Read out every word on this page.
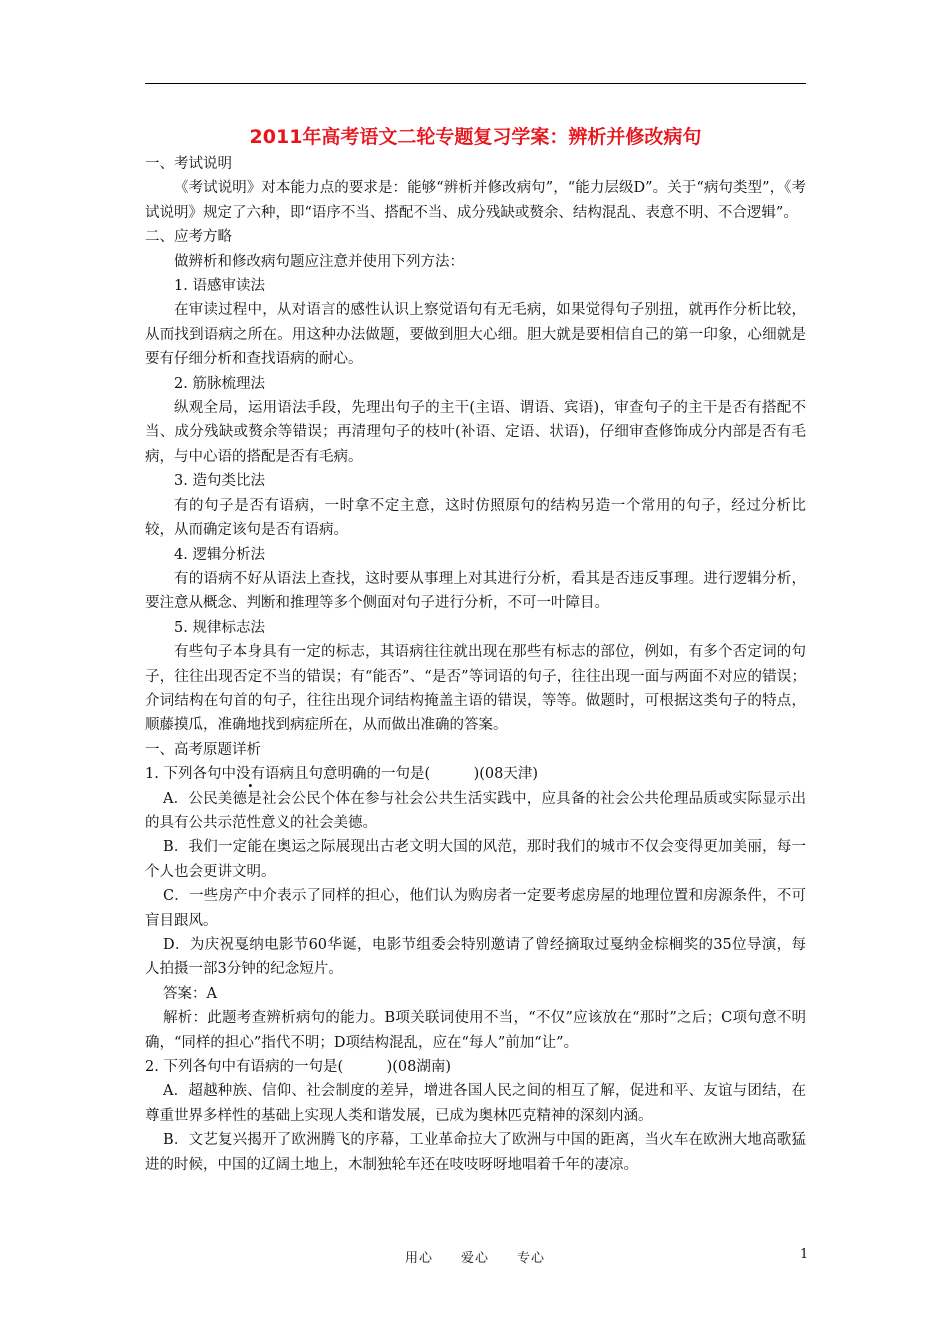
2011年高考语文二轮专题复习学案：辨析并修改病句

一、考试说明

《考试说明》对本能力点的要求是：能够“辨析并修改病句”，“能力层级D”。关于“病句类型”，《考试说明》规定了六种，即“语序不当、搭配不当、成分残缺或赘余、结构混乱、表意不明、不合逻辑”。

二、应考方略

做辨析和修改病句题应注意并使用下列方法：

1. 语感审读法

在审读过程中，从对语言的感性认识上察觉语句有无毛病，如果觉得句子别扭，就再作分析比较，从而找到语病之所在。用这种办法做题，要做到胆大心细。胆大就是要相信自己的第一印象，心细就是要有仔细分析和查找语病的耐心。

2. 筋脉梳理法

纵观全局，运用语法手段，先理出句子的主干(主语、谓语、宾语)，审查句子的主干是否有搭配不当、成分残缺或赘余等错误；再清理句子的枝叶(补语、定语、状语)，仔细审查修饰成分内部是否有毛病，与中心语的搭配是否有毛病。

3. 造句类比法

有的句子是否有语病，一时拿不定主意，这时仿照原句的结构另造一个常用的句子，经过分析比较，从而确定该句是否有语病。

4. 逻辑分析法

有的语病不好从语法上查找，这时要从事理上对其进行分析，看其是否违反事理。进行逻辑分析，要注意从概念、判断和推理等多个侧面对句子进行分析，不可一叶障目。

5. 规律标志法

有些句子本身具有一定的标志，其语病往往就出现在那些有标志的部位，例如，有多个否定词的句子，往往出现否定不当的错误；有“能否”、“是否”等词语的句子，往往出现一面与两面不对应的错误；介词结构在句首的句子，往往出现介词结构掩盖主语的错误，等等。做题时，可根据这类句子的特点，顺藤摸瓜，准确地找到病症所在，从而做出准确的答案。

一、高考原题详析

1. 下列各句中没有语病且句意明确的一句是(　　　)(08天津)

A．公民美德是社会公民个体在参与社会公共生活实践中，应具备的社会公共伦理品质或实际显示出的具有公共示范性意义的社会美德。

B．我们一定能在奥运之际展现出古老文明大国的风范，那时我们的城市不仅会变得更加美丽，每一个人也会更讲文明。

C．一些房产中介表示了同样的担心，他们认为购房者一定要考虑房屋的地理位置和房源条件，不可盲目跟风。

D．为庆祝戛纳电影节60华诞，电影节组委会特别邀请了曾经摘取过戛纳金棕榈奖的35位导演，每人拍摄一部3分钟的纪念短片。

答案：A

解析：此题考查辨析病句的能力。B项关联词使用不当，“不仅”应该放在“那时”之后；C项句意不明确，“同样的担心”指代不明；D项结构混乱，应在“每人”前加“让”。

2. 下列各句中有语病的一句是(　　　)(08湖南)

A．超越种族、信仰、社会制度的差异，增进各国人民之间的相互了解，促进和平、友谊与团结，在尊重世界多样性的基础上实现人类和谐发展，已成为奥林匹克精神的深刻内涵。

B．文艺复兴揭开了欧洲腾飞的序幕，工业革命拉大了欧洲与中国的距离，当火车在欧洲大地高歌猛进的时候，中国的辽阔土地上，木制独轮车还在吱吱呀呀地唱着千年的凄凉。

用心　　爱心　　专心	1
